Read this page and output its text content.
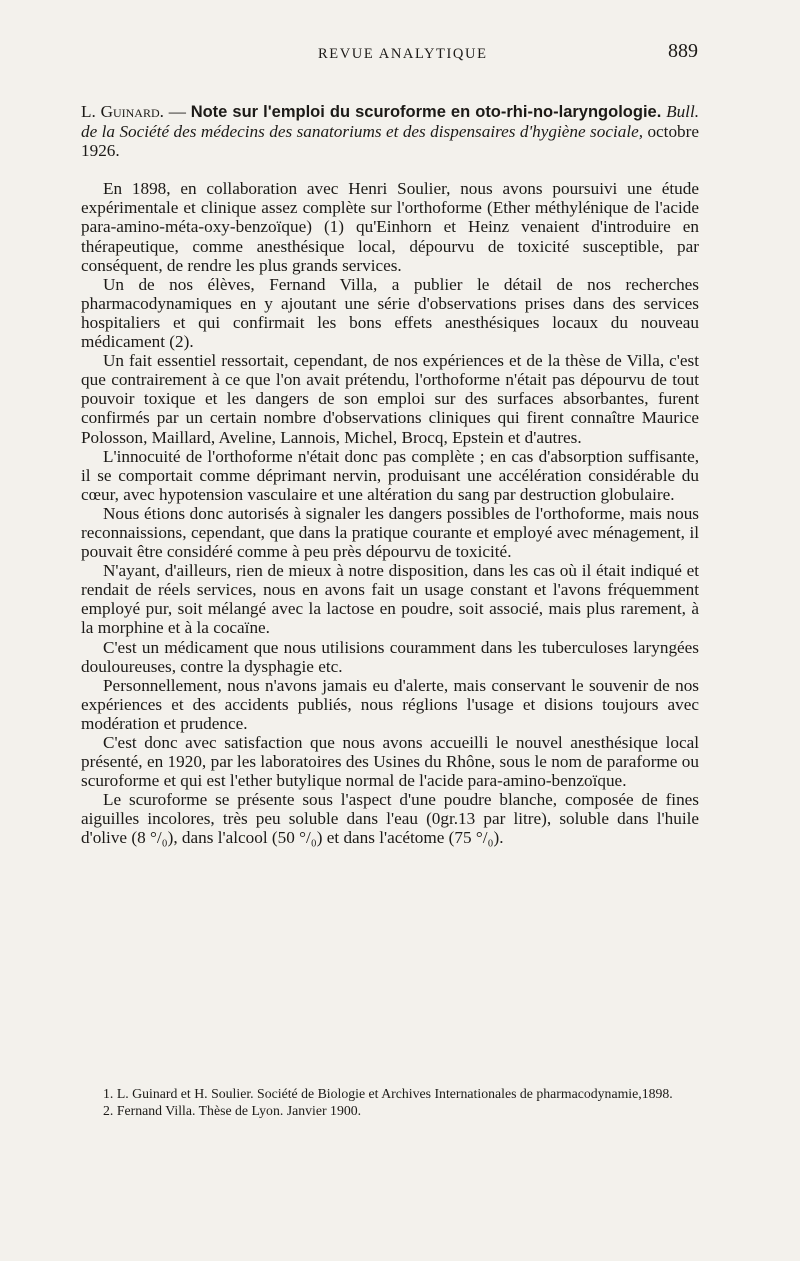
REVUE ANALYTIQUE	889

L. Guinard. — Note sur l'emploi du scuroforme en oto-rhi-no-laryngologie. Bull. de la Société des médecins des sanatoriums et des dispensaires d'hygiène sociale, octobre 1926.

En 1898, en collaboration avec Henri Soulier, nous avons poursuivi une étude expérimentale et clinique assez complète sur l'orthoforme (Ether méthylénique de l'acide para-amino-méta-oxy-benzoïque) (1) qu'Einhorn et Heinz venaient d'introduire en thérapeutique, comme anesthésique local, dépourvu de toxicité susceptible, par conséquent, de rendre les plus grands services.

Un de nos élèves, Fernand Villa, a publier le détail de nos recherches pharmacodynamiques en y ajoutant une série d'observations prises dans des services hospitaliers et qui confirmait les bons effets anesthésiques locaux du nouveau médicament (2).

Un fait essentiel ressortait, cependant, de nos expériences et de la thèse de Villa, c'est que contrairement à ce que l'on avait prétendu, l'orthoforme n'était pas dépourvu de tout pouvoir toxique et les dangers de son emploi sur des surfaces absorbantes, furent confirmés par un certain nombre d'observations cliniques qui firent connaître Maurice Polosson, Maillard, Aveline, Lannois, Michel, Brocq, Epstein et d'autres.

L'innocuité de l'orthoforme n'était donc pas complète ; en cas d'absorption suffisante, il se comportait comme déprimant nervin, produisant une accélération considérable du cœur, avec hypotension vasculaire et une altération du sang par destruction globulaire.

Nous étions donc autorisés à signaler les dangers possibles de l'orthoforme, mais nous reconnaissions, cependant, que dans la pratique courante et employé avec ménagement, il pouvait être considéré comme à peu près dépourvu de toxicité.

N'ayant, d'ailleurs, rien de mieux à notre disposition, dans les cas où il était indiqué et rendait de réels services, nous en avons fait un usage constant et l'avons fréquemment employé pur, soit mélangé avec la lactose en poudre, soit associé, mais plus rarement, à la morphine et à la cocaïne.

C'est un médicament que nous utilisions couramment dans les tuberculoses laryngées douloureuses, contre la dysphagie etc.

Personnellement, nous n'avons jamais eu d'alerte, mais conservant le souvenir de nos expériences et des accidents publiés, nous réglions l'usage et disions toujours avec modération et prudence.

C'est donc avec satisfaction que nous avons accueilli le nouvel anesthésique local présenté, en 1920, par les laboratoires des Usines du Rhône, sous le nom de paraforme ou scuroforme et qui est l'ether butylique normal de l'acide para-amino-benzoïque.

Le scuroforme se présente sous l'aspect d'une poudre blanche, composée de fines aiguilles incolores, très peu soluble dans l'eau (0gr.13 par litre), soluble dans l'huile d'olive (8 °/₀), dans l'alcool (50 °/₀) et dans l'acétome (75 °/₀).

1. L. Guinard et H. Soulier. Société de Biologie et Archives Internationales de pharmacodynamie,1898.

2. Fernand Villa. Thèse de Lyon. Janvier 1900.
